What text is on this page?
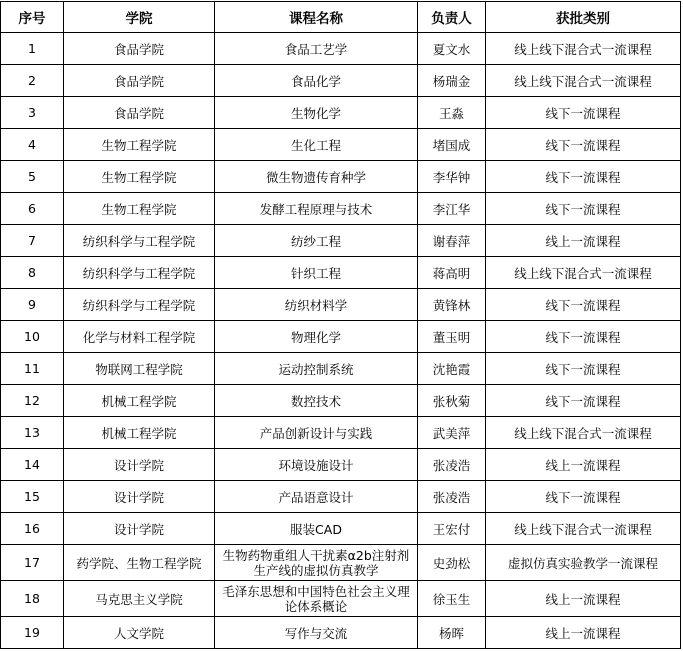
序号	学院	课程名称	负责人	获批类别
1	食品学院	食品工艺学	夏文水	线上线下混合式一流课程
2	食品学院	食品化学	杨瑞金	线上线下混合式一流课程
3	食品学院	生物化学	王淼	线下一流课程
4	生物工程学院	生化工程	堵国成	线下一流课程
5	生物工程学院	微生物遗传育种学	李华钟	线下一流课程
6	生物工程学院	发酵工程原理与技术	李江华	线下一流课程
7	纺织科学与工程学院	纺纱工程	谢春萍	线上一流课程
8	纺织科学与工程学院	针织工程	蒋高明	线上线下混合式一流课程
9	纺织科学与工程学院	纺织材料学	黄锋林	线下一流课程
10	化学与材料工程学院	物理化学	董玉明	线下一流课程
11	物联网工程学院	运动控制系统	沈艳霞	线下一流课程
12	机械工程学院	数控技术	张秋菊	线下一流课程
13	机械工程学院	产品创新设计与实践	武美萍	线上线下混合式一流课程
14	设计学院	环境设施设计	张凌浩	线上一流课程
15	设计学院	产品语意设计	张凌浩	线下一流课程
16	设计学院	服装CAD	王宏付	线上线下混合式一流课程
17	药学院、生物工程学院	生物药物重组人干扰素α2b注射剂生产线的虚拟仿真教学	史劲松	虚拟仿真实验教学一流课程
18	马克思主义学院	毛泽东思想和中国特色社会主义理论体系概论	徐玉生	线上一流课程
19	人文学院	写作与交流	杨晖	线上一流课程
